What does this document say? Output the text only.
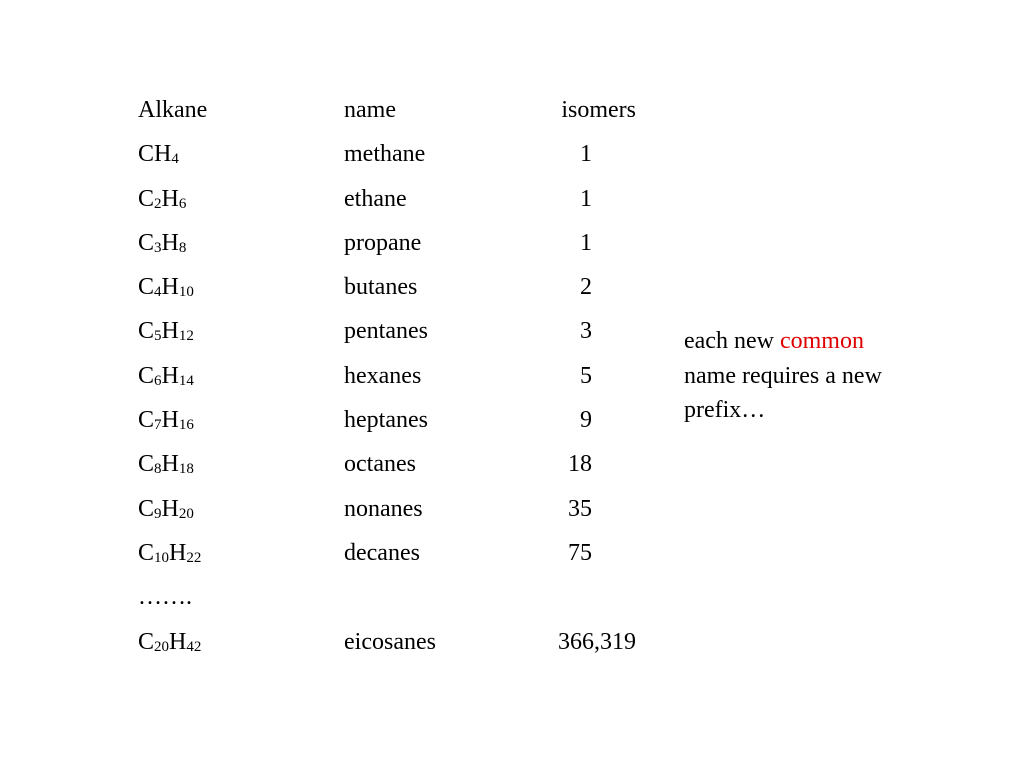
Alkane	name	isomers
$CH_4$	methane	1
$C_2H_6$	ethane	1
$C_3H_8$	propane	1
$C_4H_{10}$	butanes	2
$C_5H_{12}$	pentanes	3
$C_6H_{14}$	hexanes	5
$C_7H_{16}$	heptanes	9
$C_8H_{18}$	octanes	18
$C_9H_{20}$	nonanes	35
$C_{10}H_{22}$	decanes	75
…….
$C_{20}H_{42}$	eicosanes	366,319
each new common
name requires a new prefix…
